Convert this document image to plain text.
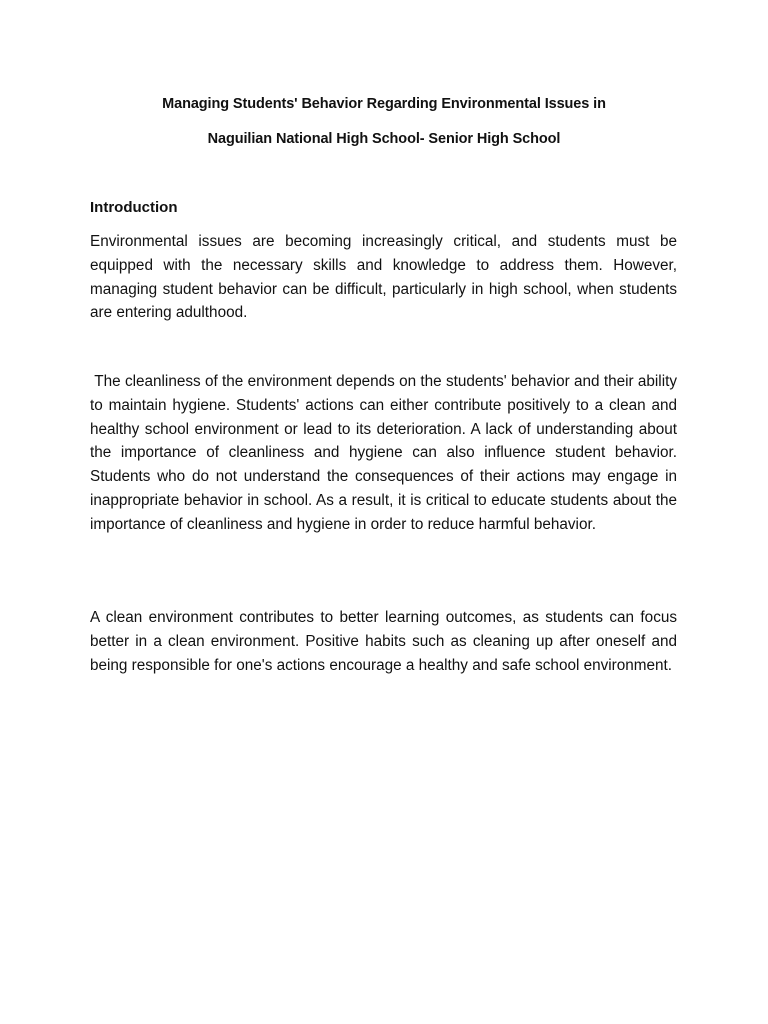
Managing Students' Behavior Regarding Environmental Issues in
Naguilian National High School- Senior High School
Introduction

Environmental issues are becoming increasingly critical, and students must be equipped with the necessary skills and knowledge to address them. However, managing student behavior can be difficult, particularly in high school, when students are entering adulthood.

The cleanliness of the environment depends on the students' behavior and their ability to maintain hygiene. Students' actions can either contribute positively to a clean and healthy school environment or lead to its deterioration. A lack of understanding about the importance of cleanliness and hygiene can also influence student behavior. Students who do not understand the consequences of their actions may engage in inappropriate behavior in school. As a result, it is critical to educate students about the importance of cleanliness and hygiene in order to reduce harmful behavior.

A clean environment contributes to better learning outcomes, as students can focus better in a clean environment. Positive habits such as cleaning up after oneself and being responsible for one's actions encourage a healthy and safe school environment.
